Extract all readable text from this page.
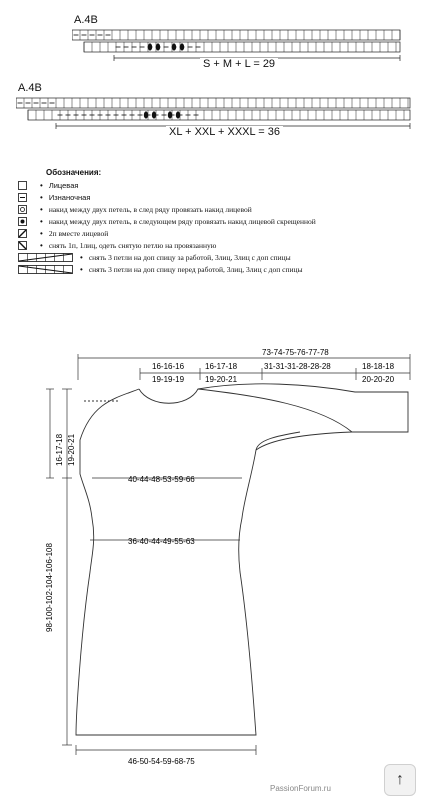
A.4B
S + M + L = 29
A.4B
XL + XXL + XXXL = 36
Обозначения:
• Лицевая
• Изнаночная
• накид между двух петель, в след ряду провязать накид лицевой
• накид между двух петель, в следующем ряду провязать накид лицевой скрещенной
• 2п вместе лицевой
• снять 1п, 1лиц, одеть снятую петлю на провязанную
• снять 3 петли на доп спицу за работой, 3лиц, 3лиц с доп спицы
• снять 3 петли на доп спицу перед работой, 3лиц, 3лиц с доп спицы
73-74-75-76-77-78
16-16-16
19-19-19
16-17-18
19-20-21
31-31-31-28-28-28	18-18-18
20-20-20
40-44-48-53-59-66
36-40-44-49-55-63
46-50-54-59-68-75
16-17-18 19-20-21
98-100-102-104-106-108
PassionForum.ru
↑
